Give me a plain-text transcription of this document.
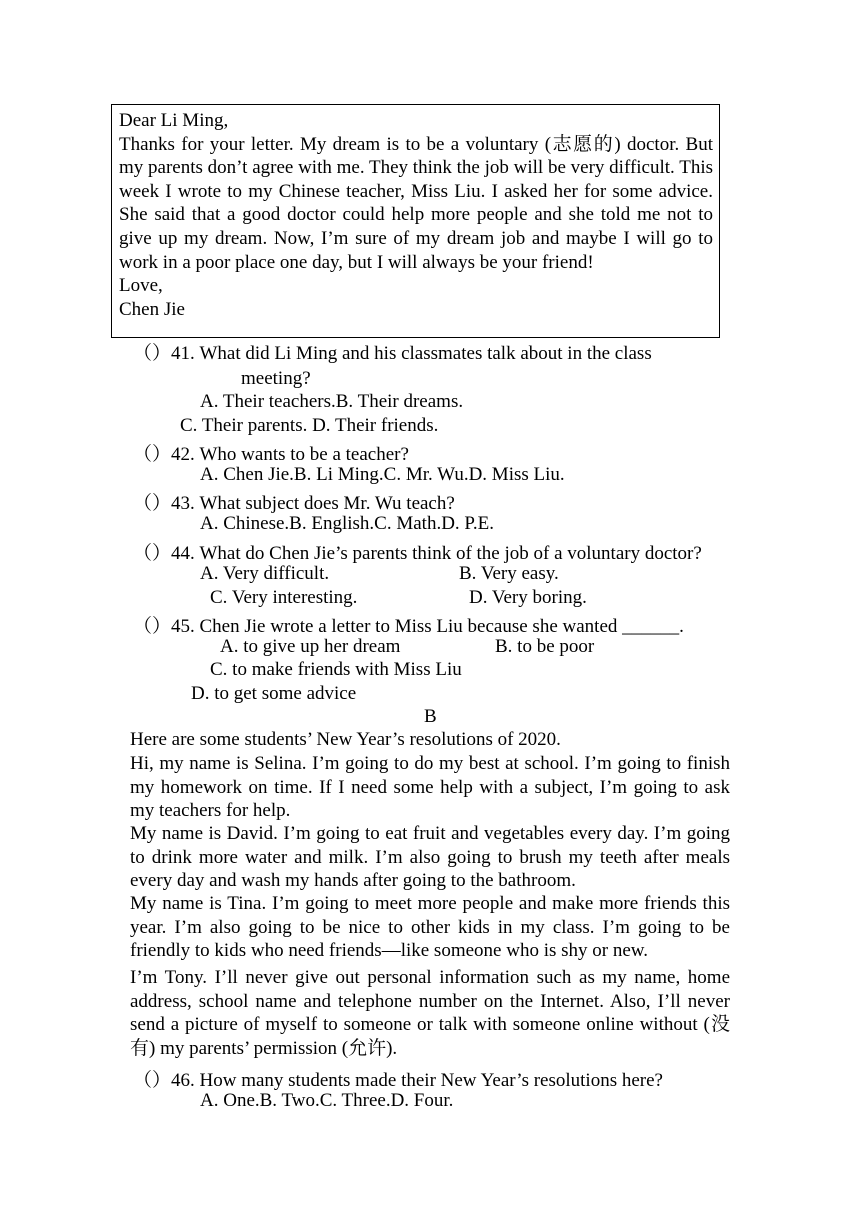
Dear Li Ming,
Thanks for your letter. My dream is to be a voluntary (志愿的) doctor. But my parents don’t agree with me. They think the job will be very difficult. This week I wrote to my Chinese teacher, Miss Liu. I asked her for some advice. She said that a good doctor could help more people and she told me not to give up my dream. Now, I’m sure of my dream job and maybe I will go to work in a poor place one day, but I will always be your friend!
Love,
Chen Jie
（）41. What did Li Ming and his classmates talk about in the class
meeting?
A. Their teachers.B. Their dreams.
C. Their parents. D. Their friends.
（）42. Who wants to be a teacher?
A. Chen Jie.B. Li Ming.C. Mr. Wu.D. Miss Liu.
（）43. What subject does Mr. Wu teach?
A. Chinese.B. English.C. Math.D. P.E.
（）44. What do Chen Jie’s parents think of the job of a voluntary doctor?
A. Very difficult.	B. Very easy.
C. Very interesting.	D. Very boring.
（）45. Chen Jie wrote a letter to Miss Liu because she wanted ______.
A. to give up her dream	B. to be poor
C. to make friends with Miss Liu
D. to get some advice
B
Here are some students’ New Year’s resolutions of 2020.
Hi, my name is Selina. I’m going to do my best at school. I’m going to finish my homework on time. If I need some help with a subject, I’m going to ask my teachers for help.
My name is David. I’m going to eat fruit and vegetables every day. I’m going to drink more water and milk. I’m also going to brush my teeth after meals every day and wash my hands after going to the bathroom.
My name is Tina. I’m going to meet more people and make more friends this year. I’m also going to be nice to other kids in my class. I’m going to be friendly to kids who need friends—like someone who is shy or new.
I’m Tony. I’ll never give out personal information such as my name, home address, school name and telephone number on the Internet. Also, I’ll never send a picture of myself to someone or talk with someone online without (没有) my parents’ permission (允许).
（）46. How many students made their New Year’s resolutions here?
A. One.B. Two.C. Three.D. Four.
